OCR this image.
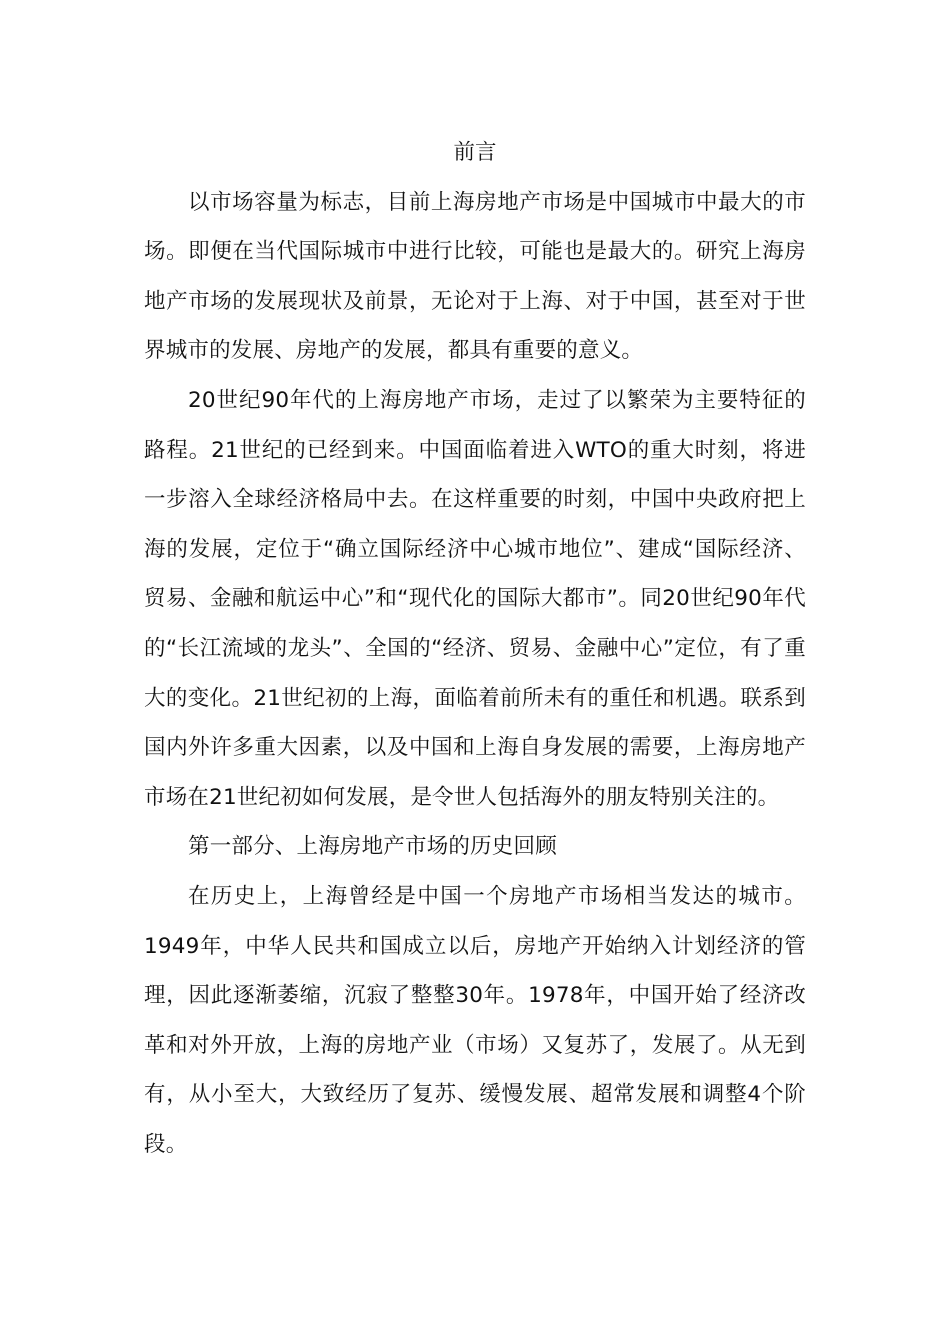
前言

以市场容量为标志，目前上海房地产市场是中国城市中最大的市场。即便在当代国际城市中进行比较，可能也是最大的。研究上海房地产市场的发展现状及前景，无论对于上海、对于中国，甚至对于世界城市的发展、房地产的发展，都具有重要的意义。

20世纪90年代的上海房地产市场，走过了以繁荣为主要特征的路程。21世纪的已经到来。中国面临着进入WTO的重大时刻，将进一步溶入全球经济格局中去。在这样重要的时刻，中国中央政府把上海的发展，定位于“确立国际经济中心城市地位”、建成“国际经济、贸易、金融和航运中心”和“现代化的国际大都市”。同20世纪90年代的“长江流域的龙头”、全国的“经济、贸易、金融中心”定位，有了重大的变化。21世纪初的上海，面临着前所未有的重任和机遇。联系到国内外许多重大因素，以及中国和上海自身发展的需要，上海房地产市场在21世纪初如何发展，是令世人包括海外的朋友特别关注的。

第一部分、上海房地产市场的历史回顾

在历史上，上海曾经是中国一个房地产市场相当发达的城市。1949年，中华人民共和国成立以后，房地产开始纳入计划经济的管理，因此逐渐萎缩，沉寂了整整30年。1978年，中国开始了经济改革和对外开放，上海的房地产业（市场）又复苏了，发展了。从无到有，从小至大，大致经历了复苏、缓慢发展、超常发展和调整4个阶段。
